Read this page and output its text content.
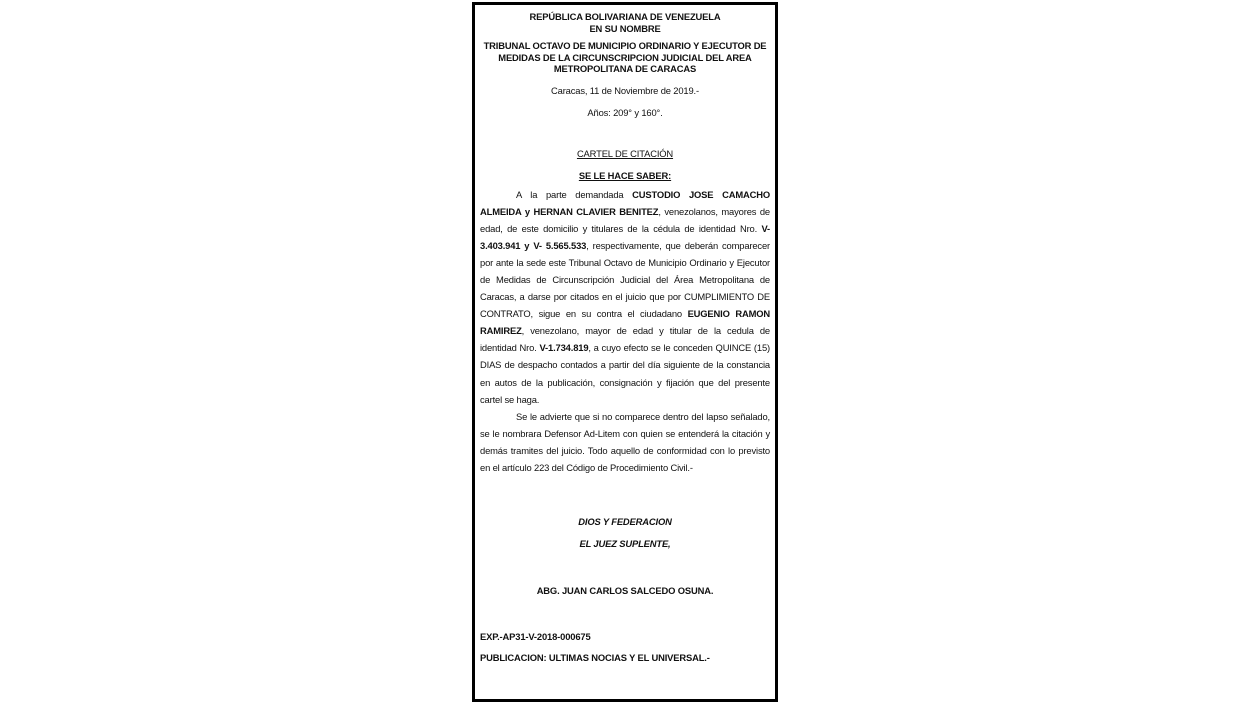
REPÚBLICA BOLIVARIANA DE VENEZUELA
EN SU NOMBRE
TRIBUNAL OCTAVO DE MUNICIPIO ORDINARIO Y EJECUTOR DE
MEDIDAS DE LA CIRCUNSCRIPCION JUDICIAL DEL AREA
METROPOLITANA DE CARACAS
Caracas, 11 de Noviembre de 2019.-
Años: 209° y 160°.
CARTEL DE CITACIÓN
SE LE HACE SABER:

A la parte demandada CUSTODIO JOSE CAMACHO ALMEIDA y HERNAN CLAVIER BENITEZ, venezolanos, mayores de edad, de este domicilio y titulares de la cédula de identidad Nro. V-3.403.941 y V- 5.565.533, respectivamente, que deberán comparecer por ante la sede este Tribunal Octavo de Municipio Ordinario y Ejecutor de Medidas de Circunscripción Judicial del Área Metropolitana de Caracas, a darse por citados en el juicio que por CUMPLIMIENTO DE CONTRATO, sigue en su contra el ciudadano EUGENIO RAMON RAMIREZ, venezolano, mayor de edad y titular de la cedula de identidad Nro. V-1.734.819, a cuyo efecto se le conceden QUINCE (15) DIAS de despacho contados a partir del día siguiente de la constancia en autos de la publicación, consignación y fijación que del presente cartel se haga.

Se le advierte que si no comparece dentro del lapso señalado, se le nombrara Defensor Ad-Litem con quien se entenderá la citación y demás tramites del juicio. Todo aquello de conformidad con lo previsto en el artículo 223 del Código de Procedimiento Civil.-

DIOS Y FEDERACION
EL JUEZ SUPLENTE,
ABG. JUAN CARLOS SALCEDO OSUNA.
EXP.-AP31-V-2018-000675
PUBLICACION: ULTIMAS NOCIAS Y EL UNIVERSAL.-
